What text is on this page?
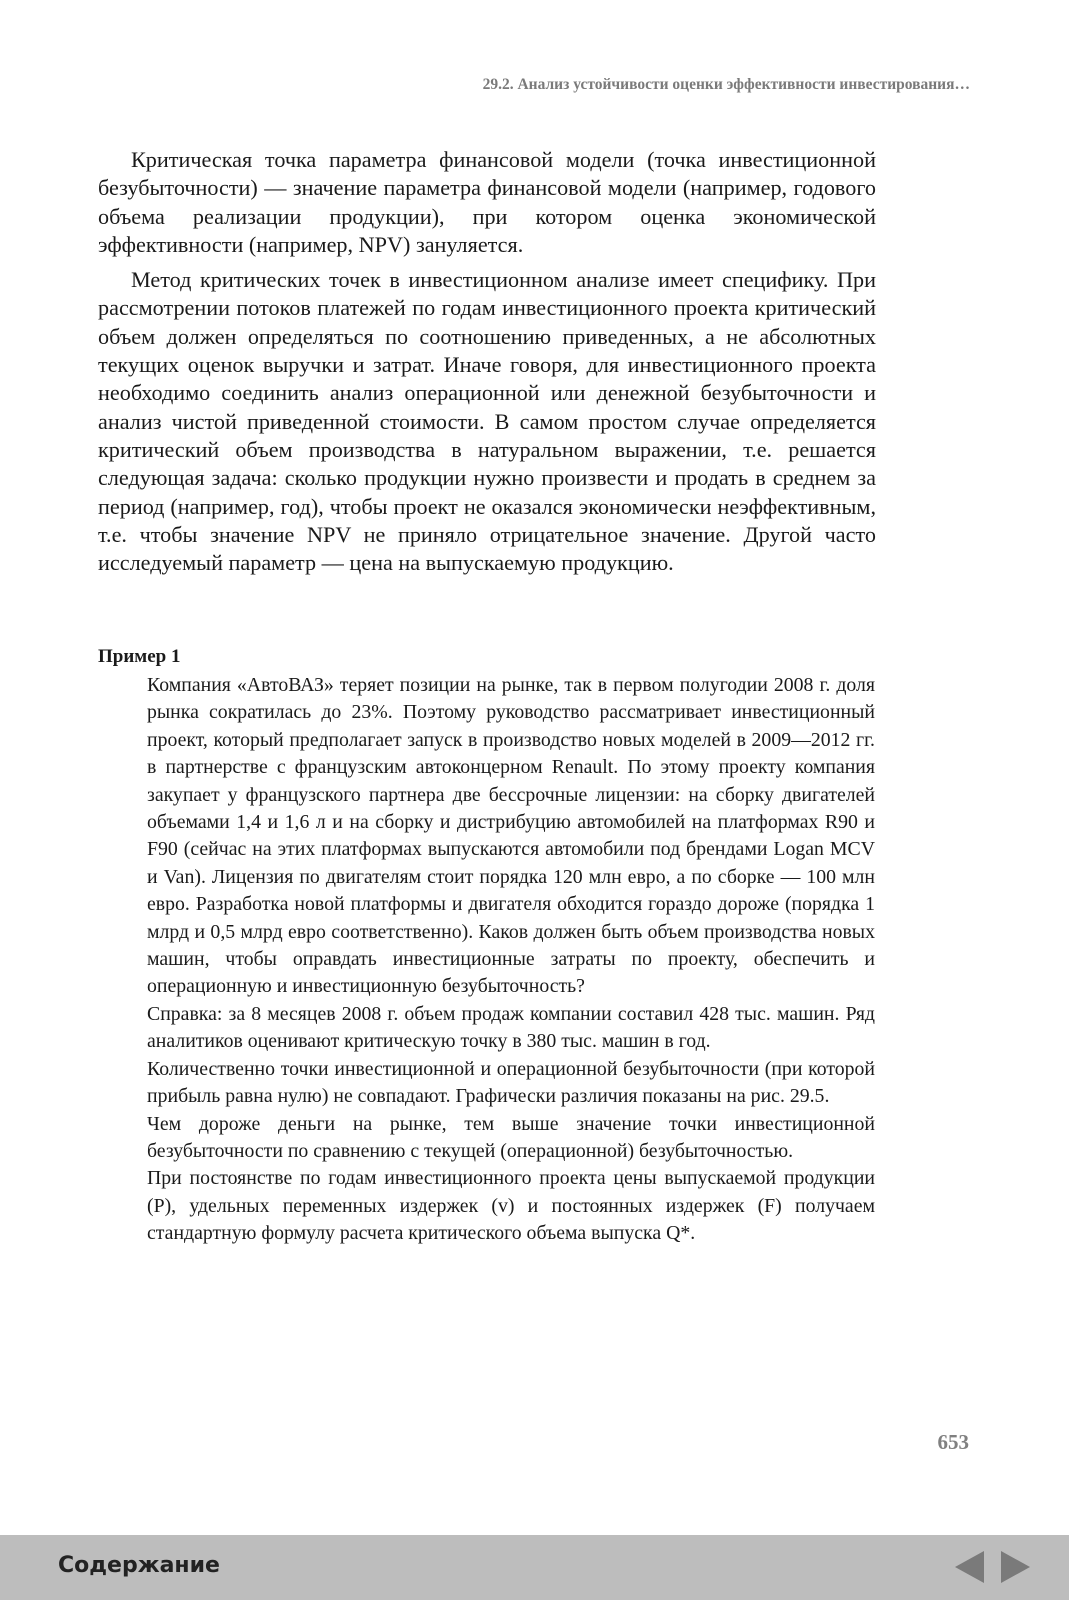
29.2. Анализ устойчивости оценки эффективности инвестирования…

Критическая точка параметра финансовой модели (точка инвестиционной безубыточности) — значение параметра финансовой модели (например, годового объема реализации продукции), при котором оценка экономической эффективности (например, NPV) зануляется.

Метод критических точек в инвестиционном анализе имеет специфику. При рассмотрении потоков платежей по годам инвестиционного проекта критический объем должен определяться по соотношению приведенных, а не абсолютных текущих оценок выручки и затрат. Иначе говоря, для инвестиционного проекта необходимо соединить анализ операционной или денежной безубыточности и анализ чистой приведенной стоимости. В самом простом случае определяется критический объем производства в натуральном выражении, т.е. решается следующая задача: сколько продукции нужно произвести и продать в среднем за период (например, год), чтобы проект не оказался экономически неэффективным, т.е. чтобы значение NPV не приняло отрицательное значение. Другой часто исследуемый параметр — цена на выпускаемую продукцию.

Пример 1

Компания «АвтоВАЗ» теряет позиции на рынке, так в первом полугодии 2008 г. доля рынка сократилась до 23%. Поэтому руководство рассматривает инвестиционный проект, который предполагает запуск в производство новых моделей в 2009—2012 гг. в партнерстве с французским автоконцерном Renault. По этому проекту компания закупает у французского партнера две бессрочные лицензии: на сборку двигателей объемами 1,4 и 1,6 л и на сборку и дистрибуцию автомобилей на платформах R90 и F90 (сейчас на этих платформах выпускаются автомобили под брендами Logan MCV и Van). Лицензия по двигателям стоит порядка 120 млн евро, а по сборке — 100 млн евро. Разработка новой платформы и двигателя обходится гораздо дороже (порядка 1 млрд и 0,5 млрд евро соответственно). Каков должен быть объем производства новых машин, чтобы оправдать инвестиционные затраты по проекту, обеспечить и операционную и инвестиционную безубыточность?

Справка: за 8 месяцев 2008 г. объем продаж компании составил 428 тыс. машин. Ряд аналитиков оценивают критическую точку в 380 тыс. машин в год.

Количественно точки инвестиционной и операционной безубыточности (при которой прибыль равна нулю) не совпадают. Графически различия показаны на рис. 29.5.

Чем дороже деньги на рынке, тем выше значение точки инвестиционной безубыточности по сравнению с текущей (операционной) безубыточностью.

При постоянстве по годам инвестиционного проекта цены выпускаемой продукции (P), удельных переменных издержек (v) и постоянных издержек (F) получаем стандартную формулу расчета критического объема выпуска Q*.

653
Содержание
